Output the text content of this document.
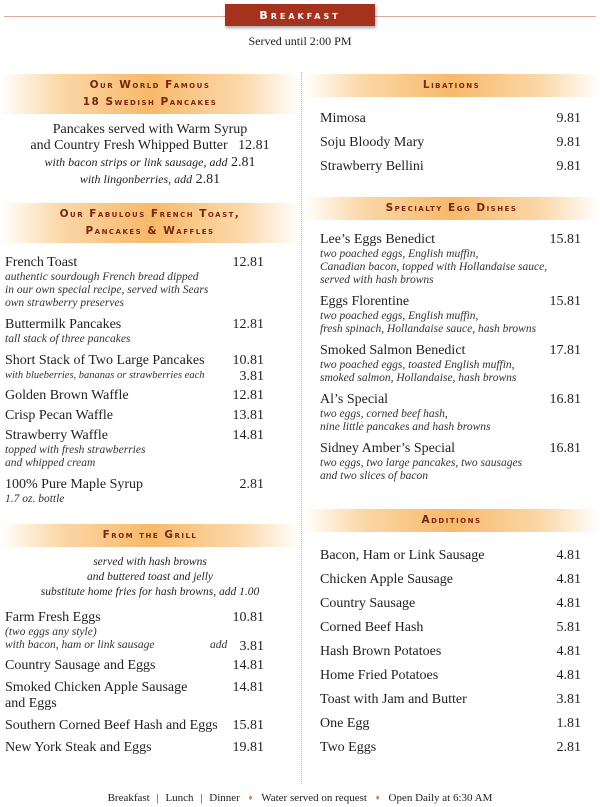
Breakfast
Served until 2:00 PM
Our World Famous
18 Swedish Pancakes
Pancakes served with Warm Syrup
and Country Fresh Whipped Butter 12.81
with bacon strips or link sausage, add 2.81
with lingonberries, add 2.81
Our Fabulous French Toast,
Pancakes & Waffles
French Toast	12.81
authentic sourdough French bread dipped
in our own special recipe, served with Sears
own strawberry preserves
Buttermilk Pancakes	12.81
tall stack of three pancakes
Short Stack of Two Large Pancakes	10.81
with blueberries, bananas or strawberries each	3.81
Golden Brown Waffle	12.81
Crisp Pecan Waffle	13.81
Strawberry Waffle	14.81
topped with fresh strawberries
and whipped cream
100% Pure Maple Syrup	2.81
1.7 oz. bottle
From the Grill
served with hash browns
and buttered toast and jelly
substitute home fries for hash browns, add 1.00
Farm Fresh Eggs	10.81
(two eggs any style)
with bacon, ham or link sausage	add 3.81
Country Sausage and Eggs	14.81
Smoked Chicken Apple Sausage
and Eggs
14.81
Southern Corned Beef Hash and Eggs	15.81
New York Steak and Eggs	19.81
Libations
Mimosa	9.81
Soju Bloody Mary	9.81
Strawberry Bellini	9.81
Specialty Egg Dishes
Lee’s Eggs Benedict	15.81
two poached eggs, English muffin,
Canadian bacon, topped with Hollandaise sauce,
served with hash browns
Eggs Florentine	15.81
two poached eggs, English muffin,
fresh spinach, Hollandaise sauce, hash browns
Smoked Salmon Benedict	17.81
two poached eggs, toasted English muffin,
smoked salmon, Hollandaise, hash browns
Al’s Special	16.81
two eggs, corned beef hash,
nine little pancakes and hash browns
Sidney Amber’s Special	16.81
two eggs, two large pancakes, two sausages
and two slices of bacon
Additions
Bacon, Ham or Link Sausage	4.81
Chicken Apple Sausage	4.81
Country Sausage	4.81
Corned Beef Hash	5.81
Hash Brown Potatoes	4.81
Home Fried Potatoes	4.81
Toast with Jam and Butter	3.81
One Egg	1.81
Two Eggs	2.81
Breakfast | Lunch | Dinner ♦ Water served on request ♦ Open Daily at 6:30 AM
